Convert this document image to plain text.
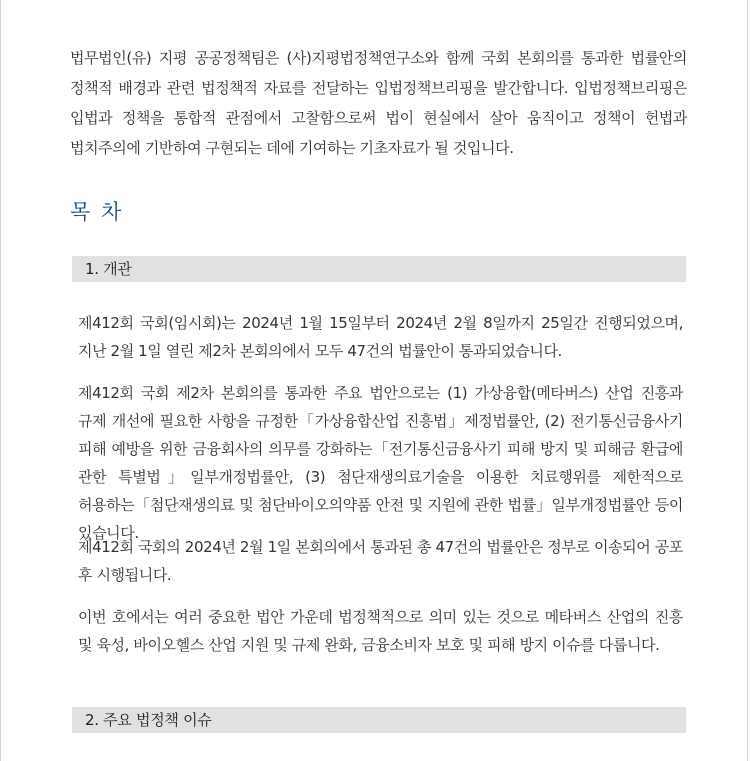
법무법인(유) 지평 공공정책팀은 (사)지평법정책연구소와 함께 국회 본회의를 통과한 법률안의 정책적 배경과 관련 법정책적 자료를 전달하는 입법정책브리핑을 발간합니다. 입법정책브리핑은 입법과 정책을 통합적 관점에서 고찰함으로써 법이 현실에서 살아 움직이고 정책이 헌법과 법치주의에 기반하여 구현되는 데에 기여하는 기초자료가 될 것입니다.

목 차
1. 개관

제412회 국회(임시회)는 2024년 1월 15일부터 2024년 2월 8일까지 25일간 진행되었으며, 지난 2월 1일 열린 제2차 본회의에서 모두 47건의 법률안이 통과되었습니다.

제412회 국회 제2차 본회의를 통과한 주요 법안으로는 (1) 가상융합(메타버스) 산업 진흥과 규제 개선에 필요한 사항을 규정한「가상융합산업 진흥법」제정법률안, (2) 전기통신금융사기 피해 예방을 위한 금융회사의 의무를 강화하는「전기통신금융사기 피해 방지 및 피해금 환급에 관한 특별법」일부개정법률안, (3) 첨단재생의료기술을 이용한 치료행위를 제한적으로 허용하는「첨단재생의료 및 첨단바이오의약품 안전 및 지원에 관한 법률」일부개정법률안 등이 있습니다.

제412회 국회의 2024년 2월 1일 본회의에서 통과된 총 47건의 법률안은 정부로 이송되어 공포 후 시행됩니다.

이번 호에서는 여러 중요한 법안 가운데 법정책적으로 의미 있는 것으로 메타버스 산업의 진흥 및 육성, 바이오헬스 산업 지원 및 규제 완화, 금융소비자 보호 및 피해 방지 이슈를 다룹니다.

2. 주요 법정책 이슈
